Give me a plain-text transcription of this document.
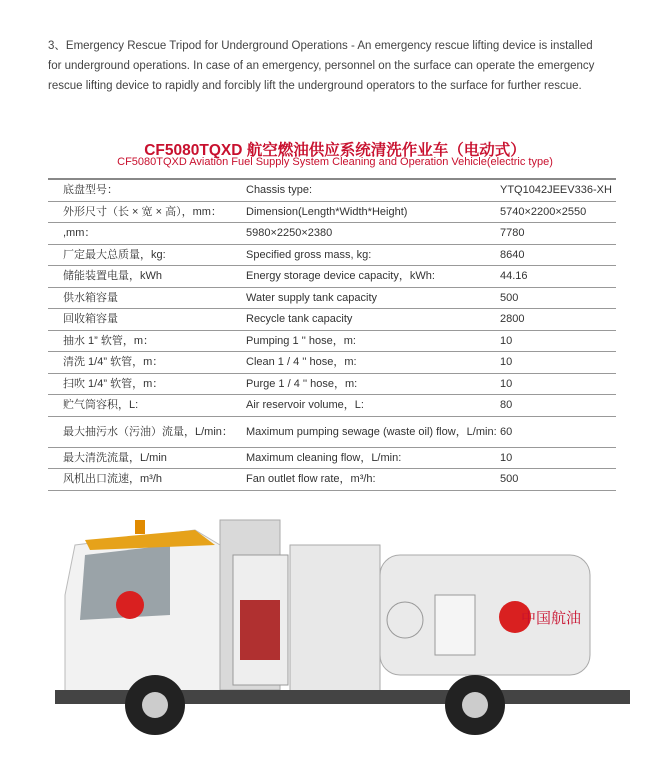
3、Emergency Rescue Tripod for Underground Operations - An emergency rescue lifting device is installed for underground operations. In case of an emergency, personnel on the surface can operate the emergency rescue lifting device to rapidly and forcibly lift the underground operators to the surface for further rescue.
CF5080TQXD 航空燃油供应系统清洗作业车（电动式）
CF5080TQXD Aviation Fuel Supply System Cleaning and Operation Vehicle(electric type)
底盘型号：	Chassis type:	YTQ1042JEEV336-XH
外形尺寸（长 × 宽 × 高），mm：	Dimension(Length*Width*Height)	5740×2200×2550
,mm：	5980×2250×2380	7780
厂定最大总质量，kg:	Specified gross mass, kg:	8640
储能装置电量，kWh	Energy storage device capacity，kWh:	44.16
供水箱容量	Water supply tank capacity	500
回收箱容量	Recycle tank capacity	2800
抽水 1” 软管，m：	Pumping 1 '' hose，m:	10
清洗 1/4” 软管，m：	Clean 1 / 4 '' hose，m:	10
扫吹 1/4” 软管，m：	Purge 1 / 4 '' hose，m:	10
贮气筒容积，L:	Air reservoir volume，L:	80
最大抽污水（污油）流量，L/min：	Maximum pumping sewage (waste oil) flow，L/min:	60
最大清洗流量，L/min	Maximum cleaning flow，L/min:	10
风机出口流速，m³/h	Fan outlet flow rate，m³/h:	500
中国航油
